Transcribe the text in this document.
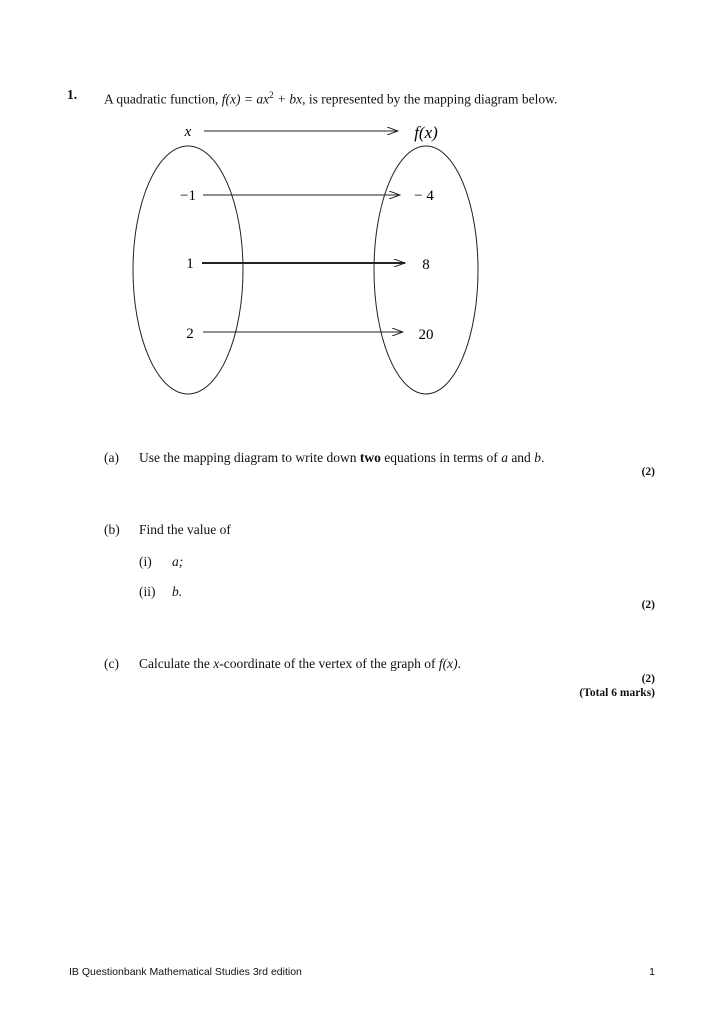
1. A quadratic function, $f(x) = ax^2$ + bx, is represented by the mapping diagram below.
x	f(x)
−1
1
2
− 4
8
20
(a) Use the mapping diagram to write down two equations in terms of a and b.
(2)
(b) Find the value of
(i) a;
(ii) b.
(2)
(c) Calculate the x-coordinate of the vertex of the graph of f(x).
(2)
(Total 6 marks)
IB Questionbank Mathematical Studies 3rd edition	1
